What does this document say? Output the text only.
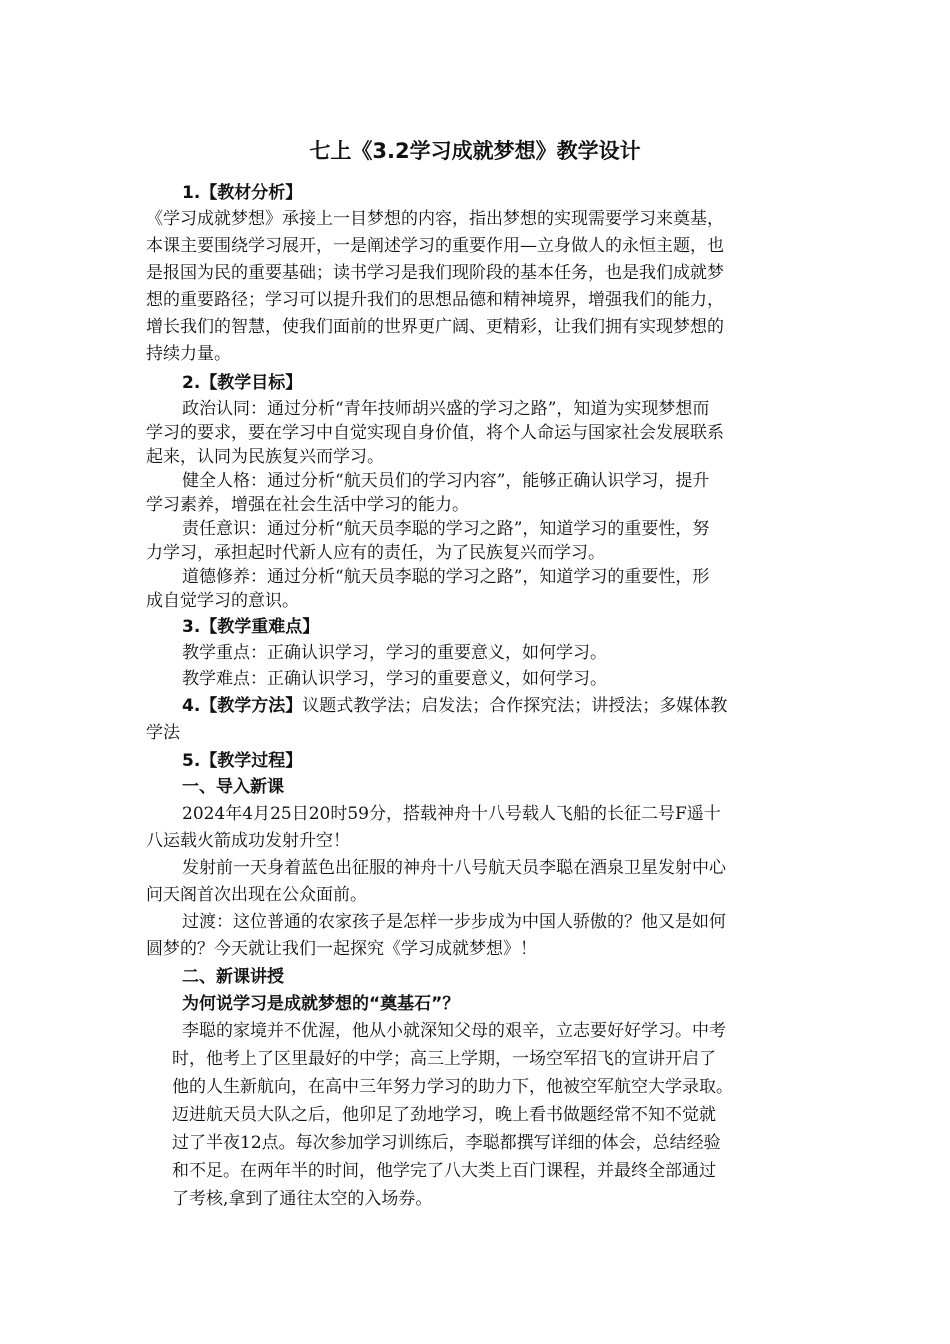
七上《3.2学习成就梦想》教学设计
1.【教材分析】
《学习成就梦想》承接上一目梦想的内容，指出梦想的实现需要学习来奠基，
本课主要围绕学习展开，一是阐述学习的重要作用—立身做人的永恒主题，也
是报国为民的重要基础；读书学习是我们现阶段的基本任务，也是我们成就梦
想的重要路径；学习可以提升我们的思想品德和精神境界，增强我们的能力，
增长我们的智慧，使我们面前的世界更广阔、更精彩，让我们拥有实现梦想的
持续力量。
2.【教学目标】
政治认同：通过分析“青年技师胡兴盛的学习之路”，知道为实现梦想而
学习的要求，要在学习中自觉实现自身价值，将个人命运与国家社会发展联系
起来，认同为民族复兴而学习。
健全人格：通过分析“航天员们的学习内容”，能够正确认识学习，提升
学习素养，增强在社会生活中学习的能力。
责任意识：通过分析“航天员李聪的学习之路”，知道学习的重要性，努
力学习，承担起时代新人应有的责任，为了民族复兴而学习。
道德修养：通过分析“航天员李聪的学习之路”，知道学习的重要性，形
成自觉学习的意识。
3.【教学重难点】
教学重点：正确认识学习，学习的重要意义，如何学习。
教学难点：正确认识学习，学习的重要意义，如何学习。
4.【教学方法】议题式教学法；启发法；合作探究法；讲授法；多媒体教
学法
5.【教学过程】
一、导入新课
2024年4月25日20时59分，搭载神舟十八号载人飞船的长征二号F遥十
八运载火箭成功发射升空！
发射前一天身着蓝色出征服的神舟十八号航天员李聪在酒泉卫星发射中心
问天阁首次出现在公众面前。
过渡：这位普通的农家孩子是怎样一步步成为中国人骄傲的？他又是如何
圆梦的？今天就让我们一起探究《学习成就梦想》！
二、新课讲授
为何说学习是成就梦想的“奠基石”？
李聪的家境并不优渥，他从小就深知父母的艰辛，立志要好好学习。中考
时，他考上了区里最好的中学；高三上学期，一场空军招飞的宣讲开启了
他的人生新航向，在高中三年努力学习的助力下，他被空军航空大学录取。
迈进航天员大队之后，他卯足了劲地学习，晚上看书做题经常不知不觉就
过了半夜12点。每次参加学习训练后，李聪都撰写详细的体会，总结经验
和不足。在两年半的时间，他学完了八大类上百门课程，并最终全部通过
了考核,拿到了通往太空的入场券。
